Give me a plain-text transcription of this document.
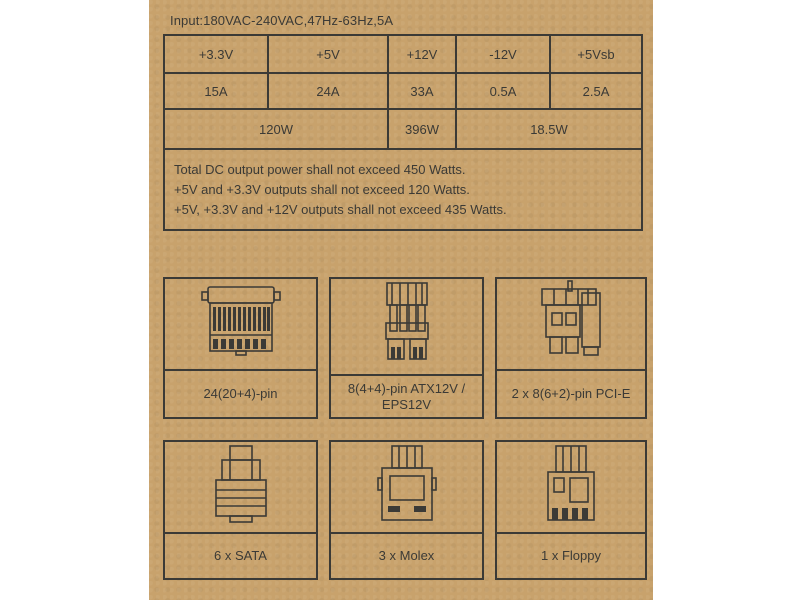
Input:180VAC-240VAC,47Hz-63Hz,5A
+3.3V	+5V	+12V	-12V	+5Vsb
15A	24A	33A	0.5A	2.5A
120W	396W	18.5W
Total DC output power shall not exceed 450 Watts.
+5V and +3.3V outputs shall not exceed 120 Watts.
+5V, +3.3V and +12V outputs shall not exceed 435 Watts.
24(20+4)-pin	8(4+4)-pin ATX12V / EPS12V
2 x 8(6+2)-pin PCI-E
6 x SATA	3 x Molex	1 x Floppy
